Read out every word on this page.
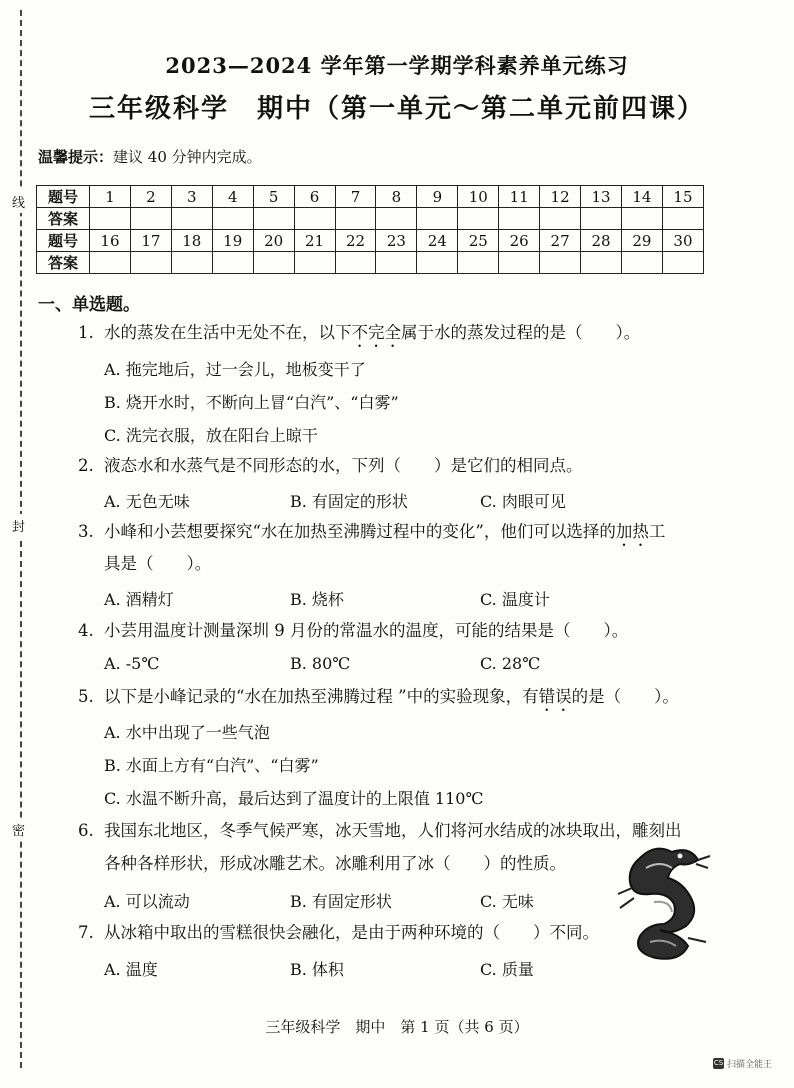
线
封
密
2023—2024 学年第一学期学科素养单元练习
三年级科学　期中（第一单元～第二单元前四课）
温馨提示：建议 40 分钟内完成。
题号	1	2	3	4	5	6	7	8	9	10	11	12	13	14	15
答案															
题号	16	17	18	19	20	21	22	23	24	25	26	27	28	29	30
答案															
一、单选题。
1. 水的蒸发在生活中无处不在，以下不完全属于水的蒸发过程的是（　　）。
A. 拖完地后，过一会儿，地板变干了
B. 烧开水时，不断向上冒“白汽”、“白雾”
C. 洗完衣服，放在阳台上晾干
2. 液态水和水蒸气是不同形态的水，下列（　　）是它们的相同点。
A. 无色无味	B. 有固定的形状	C. 肉眼可见
3. 小峰和小芸想要探究“水在加热至沸腾过程中的变化”，他们可以选择的加热工
具是（　　）。
A. 酒精灯	B. 烧杯	C. 温度计
4. 小芸用温度计测量深圳 9 月份的常温水的温度，可能的结果是（　　）。
A. -5℃	B. 80℃	C. 28℃
5. 以下是小峰记录的“水在加热至沸腾过程 ”中的实验现象，有错误的是（　　）。
A. 水中出现了一些气泡
B. 水面上方有“白汽”、“白雾”
C. 水温不断升高，最后达到了温度计的上限值 110℃
6. 我国东北地区，冬季气候严寒，冰天雪地，人们将河水结成的冰块取出，雕刻出
各种各样形状，形成冰雕艺术。冰雕利用了冰（　　）的性质。
A. 可以流动	B. 有固定形状	C. 无味
7. 从冰箱中取出的雪糕很快会融化，是由于两种环境的（　　）不同。
A. 温度	B. 体积	C. 质量
三年级科学　期中　第 1 页（共 6 页）
CS 扫描全能王
